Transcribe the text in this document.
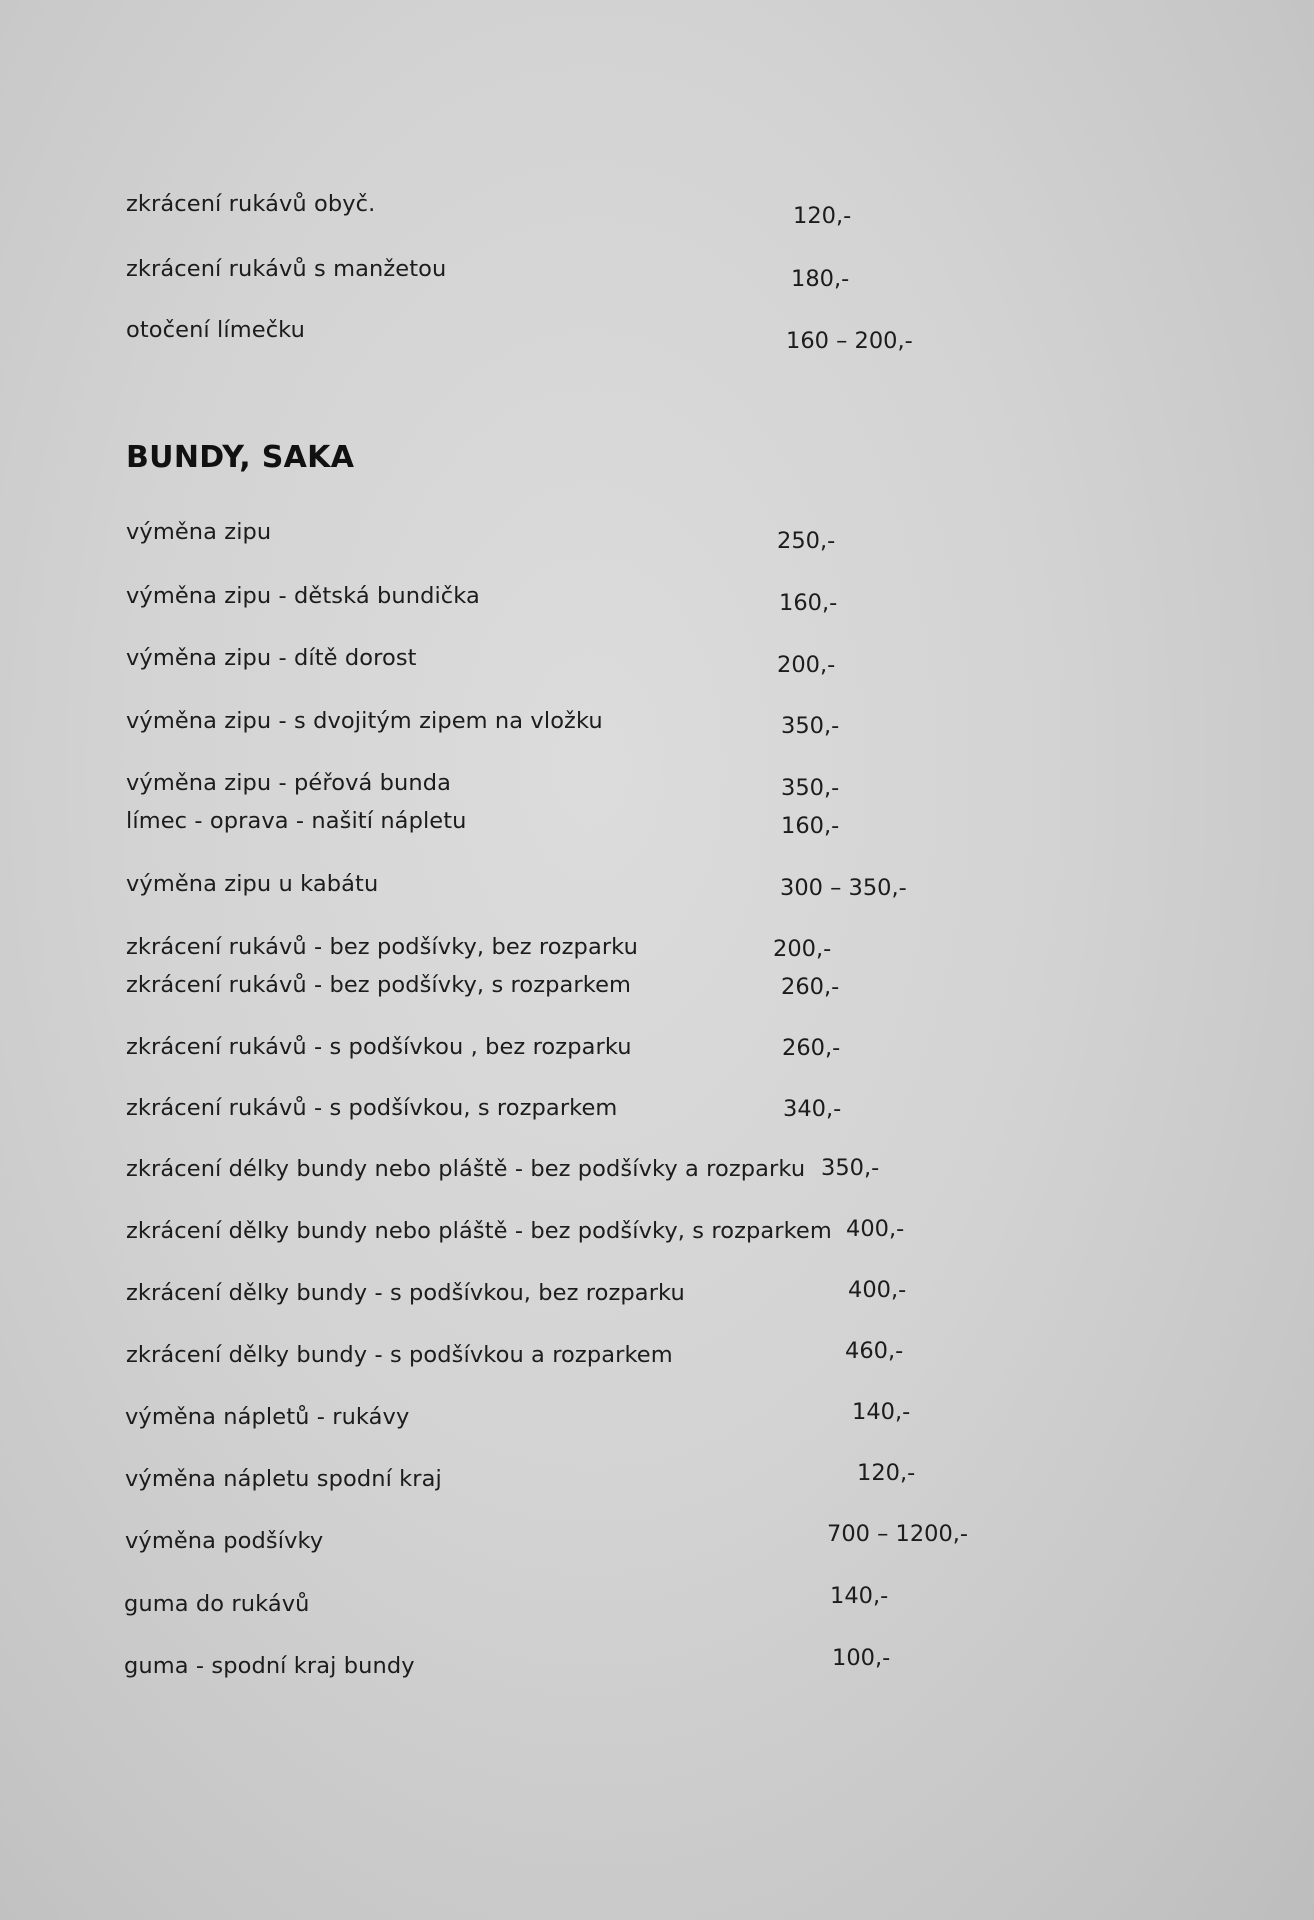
zkrácení rukávů obyč.	120,-
zkrácení rukávů s manžetou	180,-
otočení límečku	160 – 200,-
BUNDY, SAKA
výměna zipu	250,-
výměna zipu - dětská bundička	160,-
výměna zipu - dítě dorost	200,-
výměna zipu - s dvojitým zipem na vložku	350,-
výměna zipu - péřová bunda	350,-
límec - oprava - našití nápletu	160,-
výměna zipu u kabátu	300 – 350,-
zkrácení rukávů - bez podšívky, bez rozparku	200,-
zkrácení rukávů - bez podšívky, s rozparkem	260,-
zkrácení rukávů - s podšívkou , bez rozparku	260,-
zkrácení rukávů - s podšívkou, s rozparkem	340,-
zkrácení délky bundy nebo pláště - bez podšívky a rozparku 350,-
zkrácení dělky bundy nebo pláště - bez podšívky, s rozparkem 400,-
zkrácení dělky bundy - s podšívkou, bez rozparku	400,-
zkrácení dělky bundy - s podšívkou a rozparkem	460,-
výměna nápletů - rukávy	140,-
výměna nápletu spodní kraj	120,-
výměna podšívky	700 – 1200,-
guma do rukávů	140,-
guma - spodní kraj bundy	100,-
